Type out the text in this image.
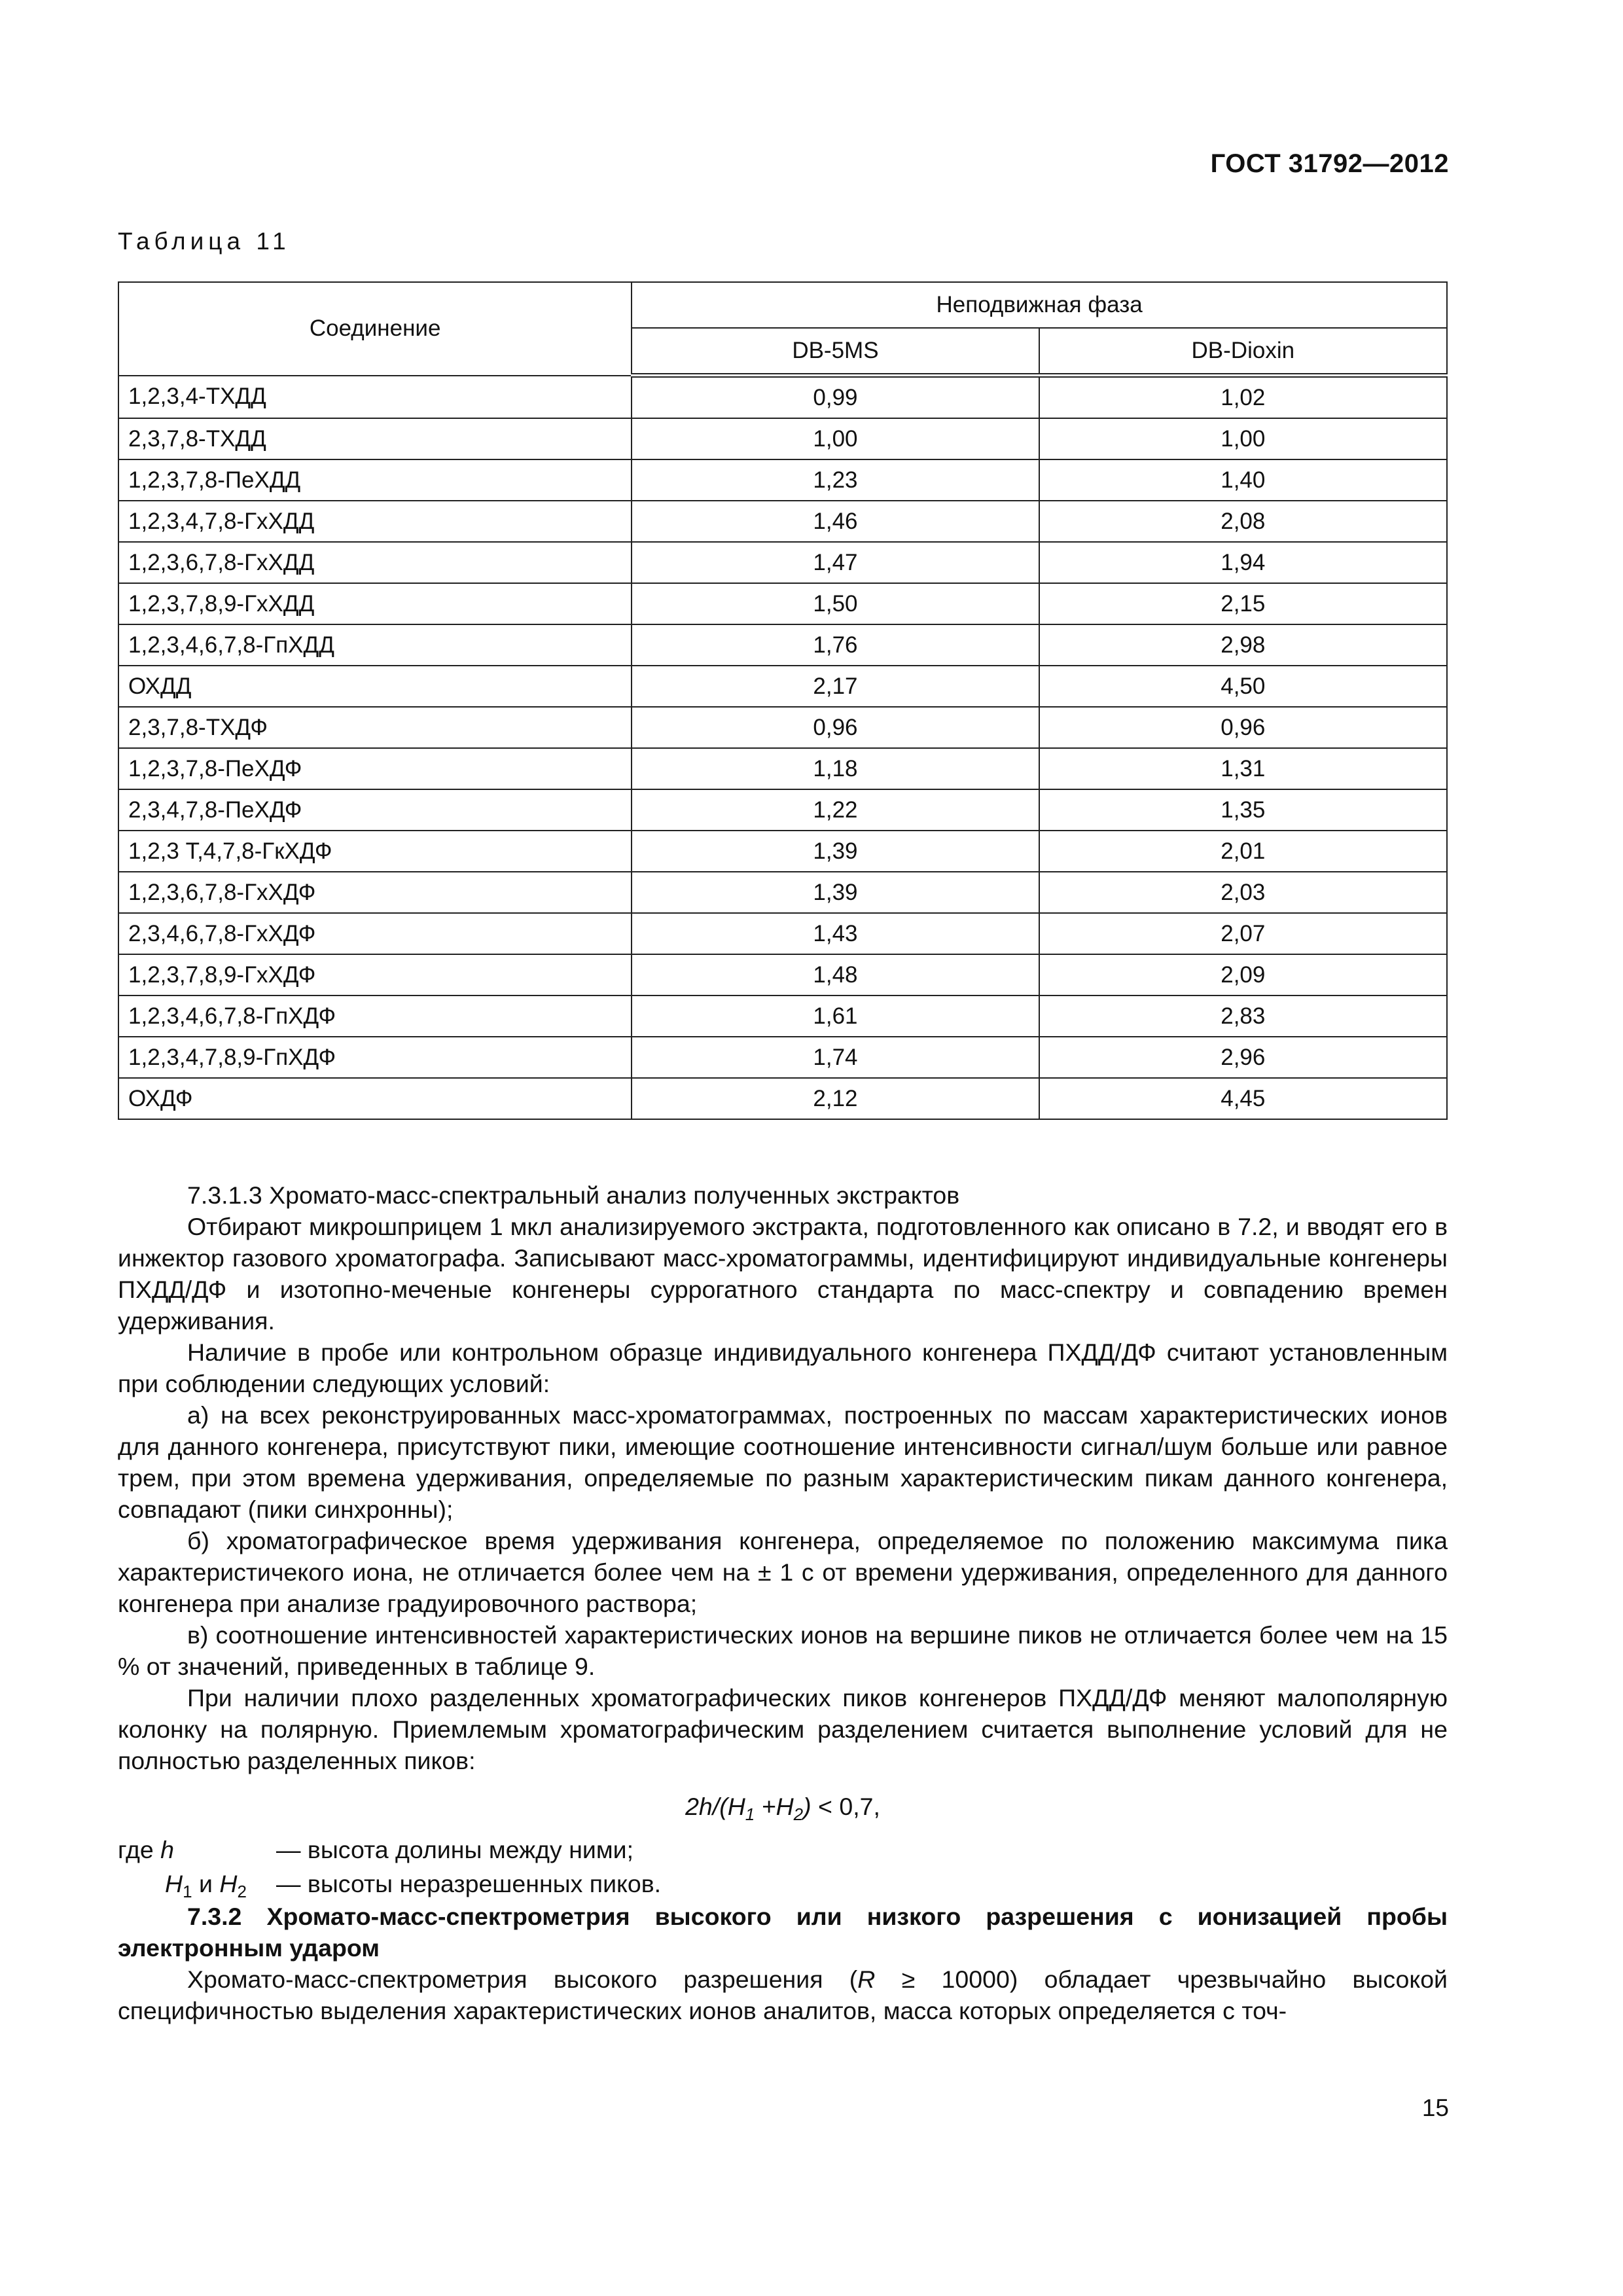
ГОСТ 31792—2012
Таблица 11
Соединение	Неподвижная фаза	
	DB-5MS	DB-Dioxin
1,2,3,4-ТХДД	0,99	1,02
2,3,7,8-ТХДД	1,00	1,00
1,2,3,7,8-ПеХДД	1,23	1,40
1,2,3,4,7,8-ГхХДД	1,46	2,08
1,2,3,6,7,8-ГхХДД	1,47	1,94
1,2,3,7,8,9-ГхХДД	1,50	2,15
1,2,3,4,6,7,8-ГпХДД	1,76	2,98
ОХДД	2,17	4,50
2,3,7,8-ТХДФ	0,96	0,96
1,2,3,7,8-ПеХДФ	1,18	1,31
2,3,4,7,8-ПеХДФ	1,22	1,35
1,2,3 Т,4,7,8-ГкХДФ	1,39	2,01
1,2,3,6,7,8-ГхХДФ	1,39	2,03
2,3,4,6,7,8-ГхХДФ	1,43	2,07
1,2,3,7,8,9-ГхХДФ	1,48	2,09
1,2,3,4,6,7,8-ГпХДФ	1,61	2,83
1,2,3,4,7,8,9-ГпХДФ	1,74	2,96
ОХДФ	2,12	4,45

7.3.1.3 Хромато-масс-спектральный анализ полученных экстрактов

Отбирают микрошприцем 1 мкл анализируемого экстракта, подготовленного как описано в 7.2, и вводят его в инжектор газового хроматографа. Записывают масс-хроматограммы, идентифицируют индивидуальные конгенеры ПХДД/ДФ и изотопно-меченые конгенеры суррогатного стандарта по масс-спектру и совпадению времен удерживания.

Наличие в пробе или контрольном образце индивидуального конгенера ПХДД/ДФ считают установленным при соблюдении следующих условий:

а) на всех реконструированных масс-хроматограммах, построенных по массам характеристических ионов для данного конгенера, присутствуют пики, имеющие соотношение интенсивности сигнал/шум больше или равное трем, при этом времена удерживания, определяемые по разным характеристическим пикам данного конгенера, совпадают (пики синхронны);

б) хроматографическое время удерживания конгенера, определяемое по положению максимума пика характеристичекого иона, не отличается более чем на ± 1 с от времени удерживания, определенного для данного конгенера при анализе градуировочного раствора;

в) соотношение интенсивностей характеристических ионов на вершине пиков не отличается более чем на 15 % от значений, приведенных в таблице 9.

При наличии плохо разделенных хроматографических пиков конгенеров ПХДД/ДФ меняют малополярную колонку на полярную. Приемлемым хроматографическим разделением считается выполнение условий для не полностью разделенных пиков:

$2h/(H_1 +H_2) < 0,7$,

где h	— высота долины между ними;
$H_1$ и $H_2$	— высоты неразрешенных пиков.

7.3.2 Хромато-масс-спектрометрия высокого или низкого разрешения с ионизацией пробы электронным ударом

Хромато-масс-спектрометрия высокого разрешения (R ≥ 10000) обладает чрезвычайно высокой специфичностью выделения характеристических ионов аналитов, масса которых определяется с точ-

15
